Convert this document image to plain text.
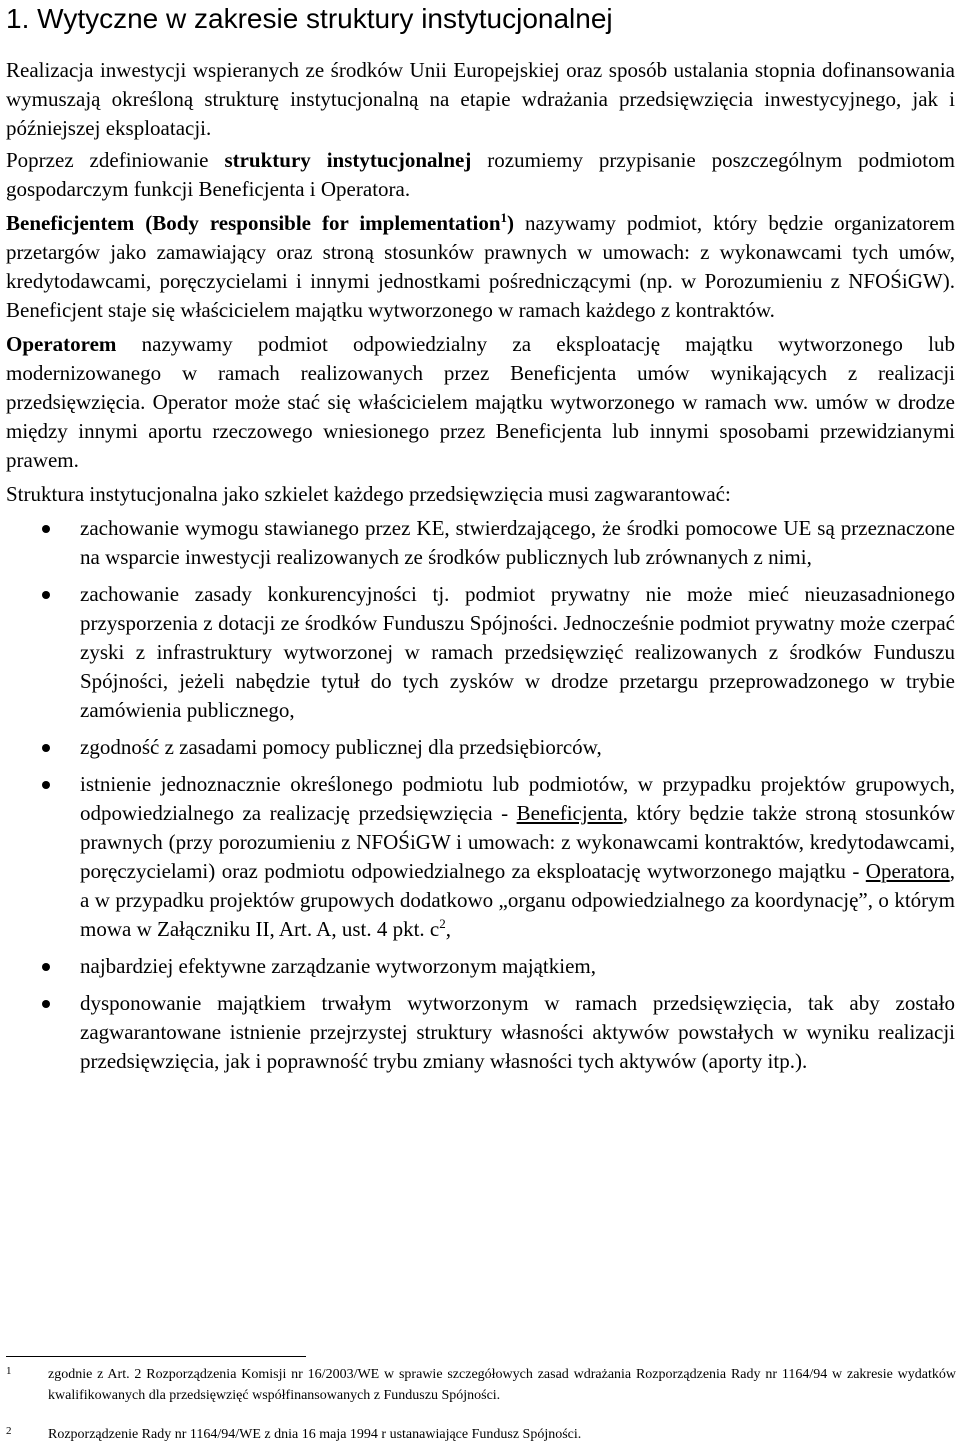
1. Wytyczne w zakresie struktury instytucjonalnej

Realizacja inwestycji wspieranych ze środków Unii Europejskiej oraz sposób ustalania stopnia dofinansowania wymuszają określoną strukturę instytucjonalną na etapie wdrażania przedsięwzięcia inwestycyjnego, jak i późniejszej eksploatacji.

Poprzez zdefiniowanie struktury instytucjonalnej rozumiemy przypisanie poszczególnym podmiotom gospodarczym funkcji Beneficjenta i Operatora.

Beneficjentem (Body responsible for implementation$^1$) nazywamy podmiot, który będzie organizatorem przetargów jako zamawiający oraz stroną stosunków prawnych w umowach: z wykonawcami tych umów, kredytodawcami, poręczycielami i innymi jednostkami pośredniczącymi (np. w Porozumieniu z NFOŚiGW). Beneficjent staje się właścicielem majątku wytworzonego w ramach każdego z kontraktów.

Operatorem nazywamy podmiot odpowiedzialny za eksploatację majątku wytworzonego lub modernizowanego w ramach realizowanych przez Beneficjenta umów wynikających z realizacji przedsięwzięcia. Operator może stać się właścicielem majątku wytworzonego w ramach ww. umów w drodze między innymi aportu rzeczowego wniesionego przez Beneficjenta lub innymi sposobami przewidzianymi prawem.

Struktura instytucjonalna jako szkielet każdego przedsięwzięcia musi zagwarantować:

zachowanie wymogu stawianego przez KE, stwierdzającego, że środki pomocowe UE są przeznaczone na wsparcie inwestycji realizowanych ze środków publicznych lub zrównanych z nimi,
zachowanie zasady konkurencyjności tj. podmiot prywatny nie może mieć nieuzasadnionego przysporzenia z dotacji ze środków Funduszu Spójności. Jednocześnie podmiot prywatny może czerpać zyski z infrastruktury wytworzonej w ramach przedsięwzięć realizowanych z środków Funduszu Spójności, jeżeli nabędzie tytuł do tych zysków w drodze przetargu przeprowadzonego w trybie zamówienia publicznego,
zgodność z zasadami pomocy publicznej dla przedsiębiorców,
istnienie jednoznacznie określonego podmiotu lub podmiotów, w przypadku projektów grupowych, odpowiedzialnego za realizację przedsięwzięcia - Beneficjenta, który będzie także stroną stosunków prawnych (przy porozumieniu z NFOŚiGW i umowach: z wykonawcami kontraktów, kredytodawcami, poręczycielami) oraz podmiotu odpowiedzialnego za eksploatację wytworzonego majątku - Operatora, a w przypadku projektów grupowych dodatkowo „organu odpowiedzialnego za koordynację”, o którym mowa w Załączniku II, Art. A, ust. 4 pkt. $c^2$,
najbardziej efektywne zarządzanie wytworzonym majątkiem,
dysponowanie majątkiem trwałym wytworzonym w ramach przedsięwzięcia, tak aby zostało zagwarantowane istnienie przejrzystej struktury własności aktywów powstałych w wyniku realizacji przedsięwzięcia, jak i poprawność trybu zmiany własności tych aktywów (aporty itp.).
1	zgodnie z Art. 2 Rozporządzenia Komisji nr 16/2003/WE w sprawie szczegółowych zasad wdrażania Rozporządzenia Rady nr 1164/94 w zakresie wydatków kwalifikowanych dla przedsięwzięć współfinansowanych z Funduszu Spójności.
2	Rozporządzenie Rady nr 1164/94/WE z dnia 16 maja 1994 r ustanawiające Fundusz Spójności.
